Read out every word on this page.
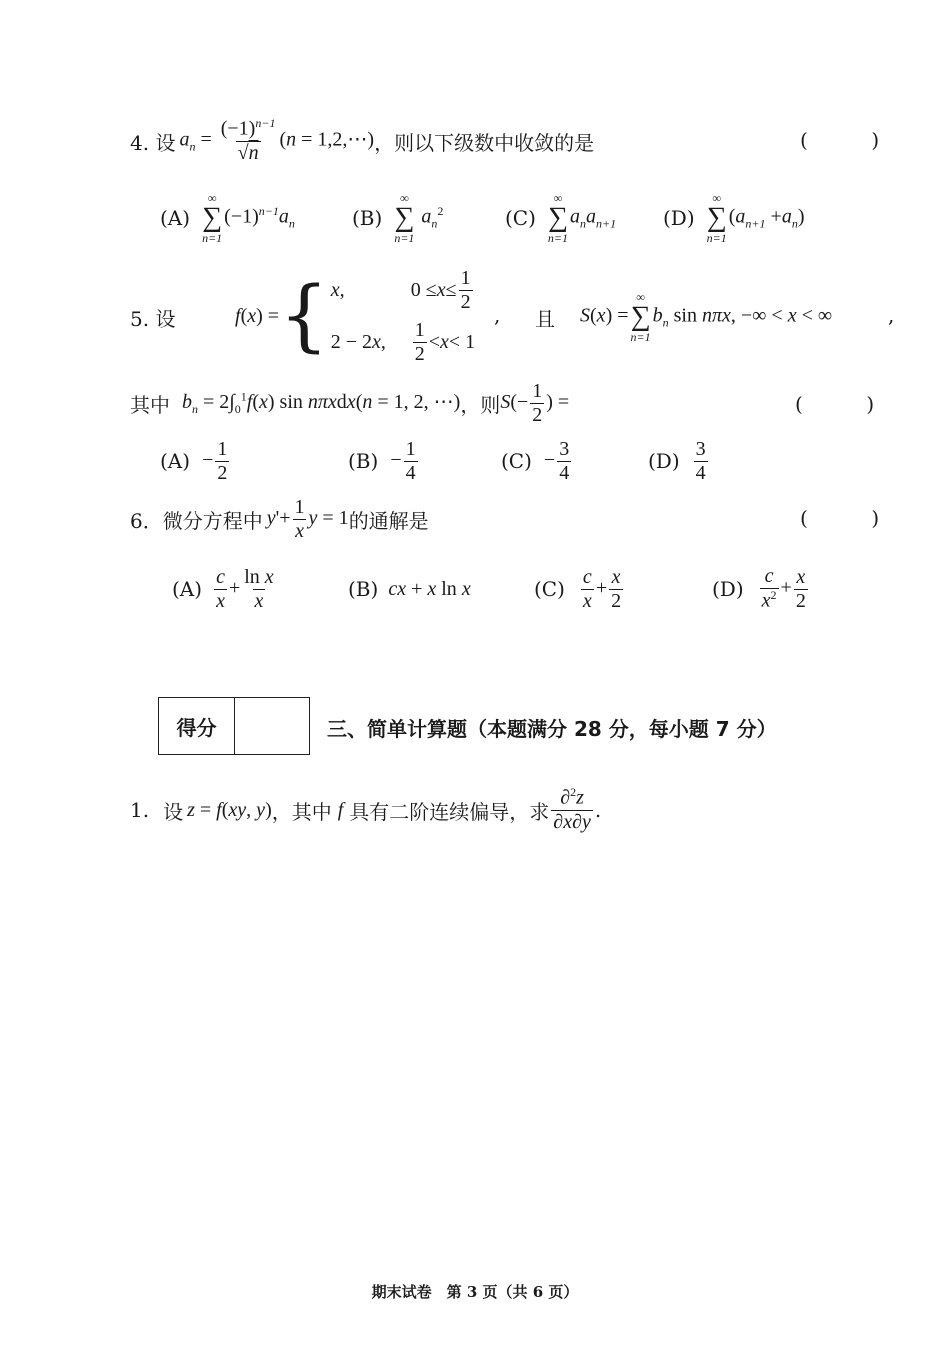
4. 设 $a_n = \frac{(-1)^{n-1}}{√n} (n$ = 1,2,⋯) ，则以下级数中收敛的是	(          )
(A)
∞
∑
n=1
$(-1)^{n-1}a_n$	(B)
∞
∑
n=1
$a_n^2$	(C)
∞
∑
n=1
$a_na_{n+1}$ (D)
∞
∑
n=1
$(a_{n+1} +a_n)$
5. 设	f(x) = { x,	$0 \le x \le \frac{1}{2}$
2 − 2x,	$\frac{1}{2} < x < 1$
, 且 S(x) =
∞
∑
n=1
$b_n$ sin nπx, −∞ < x < ∞	,
其中 $b_n = 2\int_0^1f(x)$ sin nπxdx(n = 1, 2, ⋯) ，则 $S(- \frac{1}{2}$ ) =	(          )
$(A) - \frac{1}{2}$	$(B) - \frac{1}{4}$	$(C) - \frac{3}{4}$	$(D) \frac{3}{4}$
6．微分方程中 $y'+ \frac{1}{x}$ y = 1 的通解是	(          )
$(A) \frac{c}{x} + \frac{\text{ln x}}{x}$	(B) cx + x ln x	$(C) \frac{c}{x} + \frac{x}{2}$	$(D) \frac{c}{x^2} + \frac{x}{2}$
得分	三、简单计算题（本题满分 28 分，每小题 7 分）
1. 设 z = f(xy, y) ，其中 f 具有二阶连续偏导，求 $\frac{\partial^2z}{\partial x\partial y}$ .
期末试卷　第 3 页（共 6 页）
